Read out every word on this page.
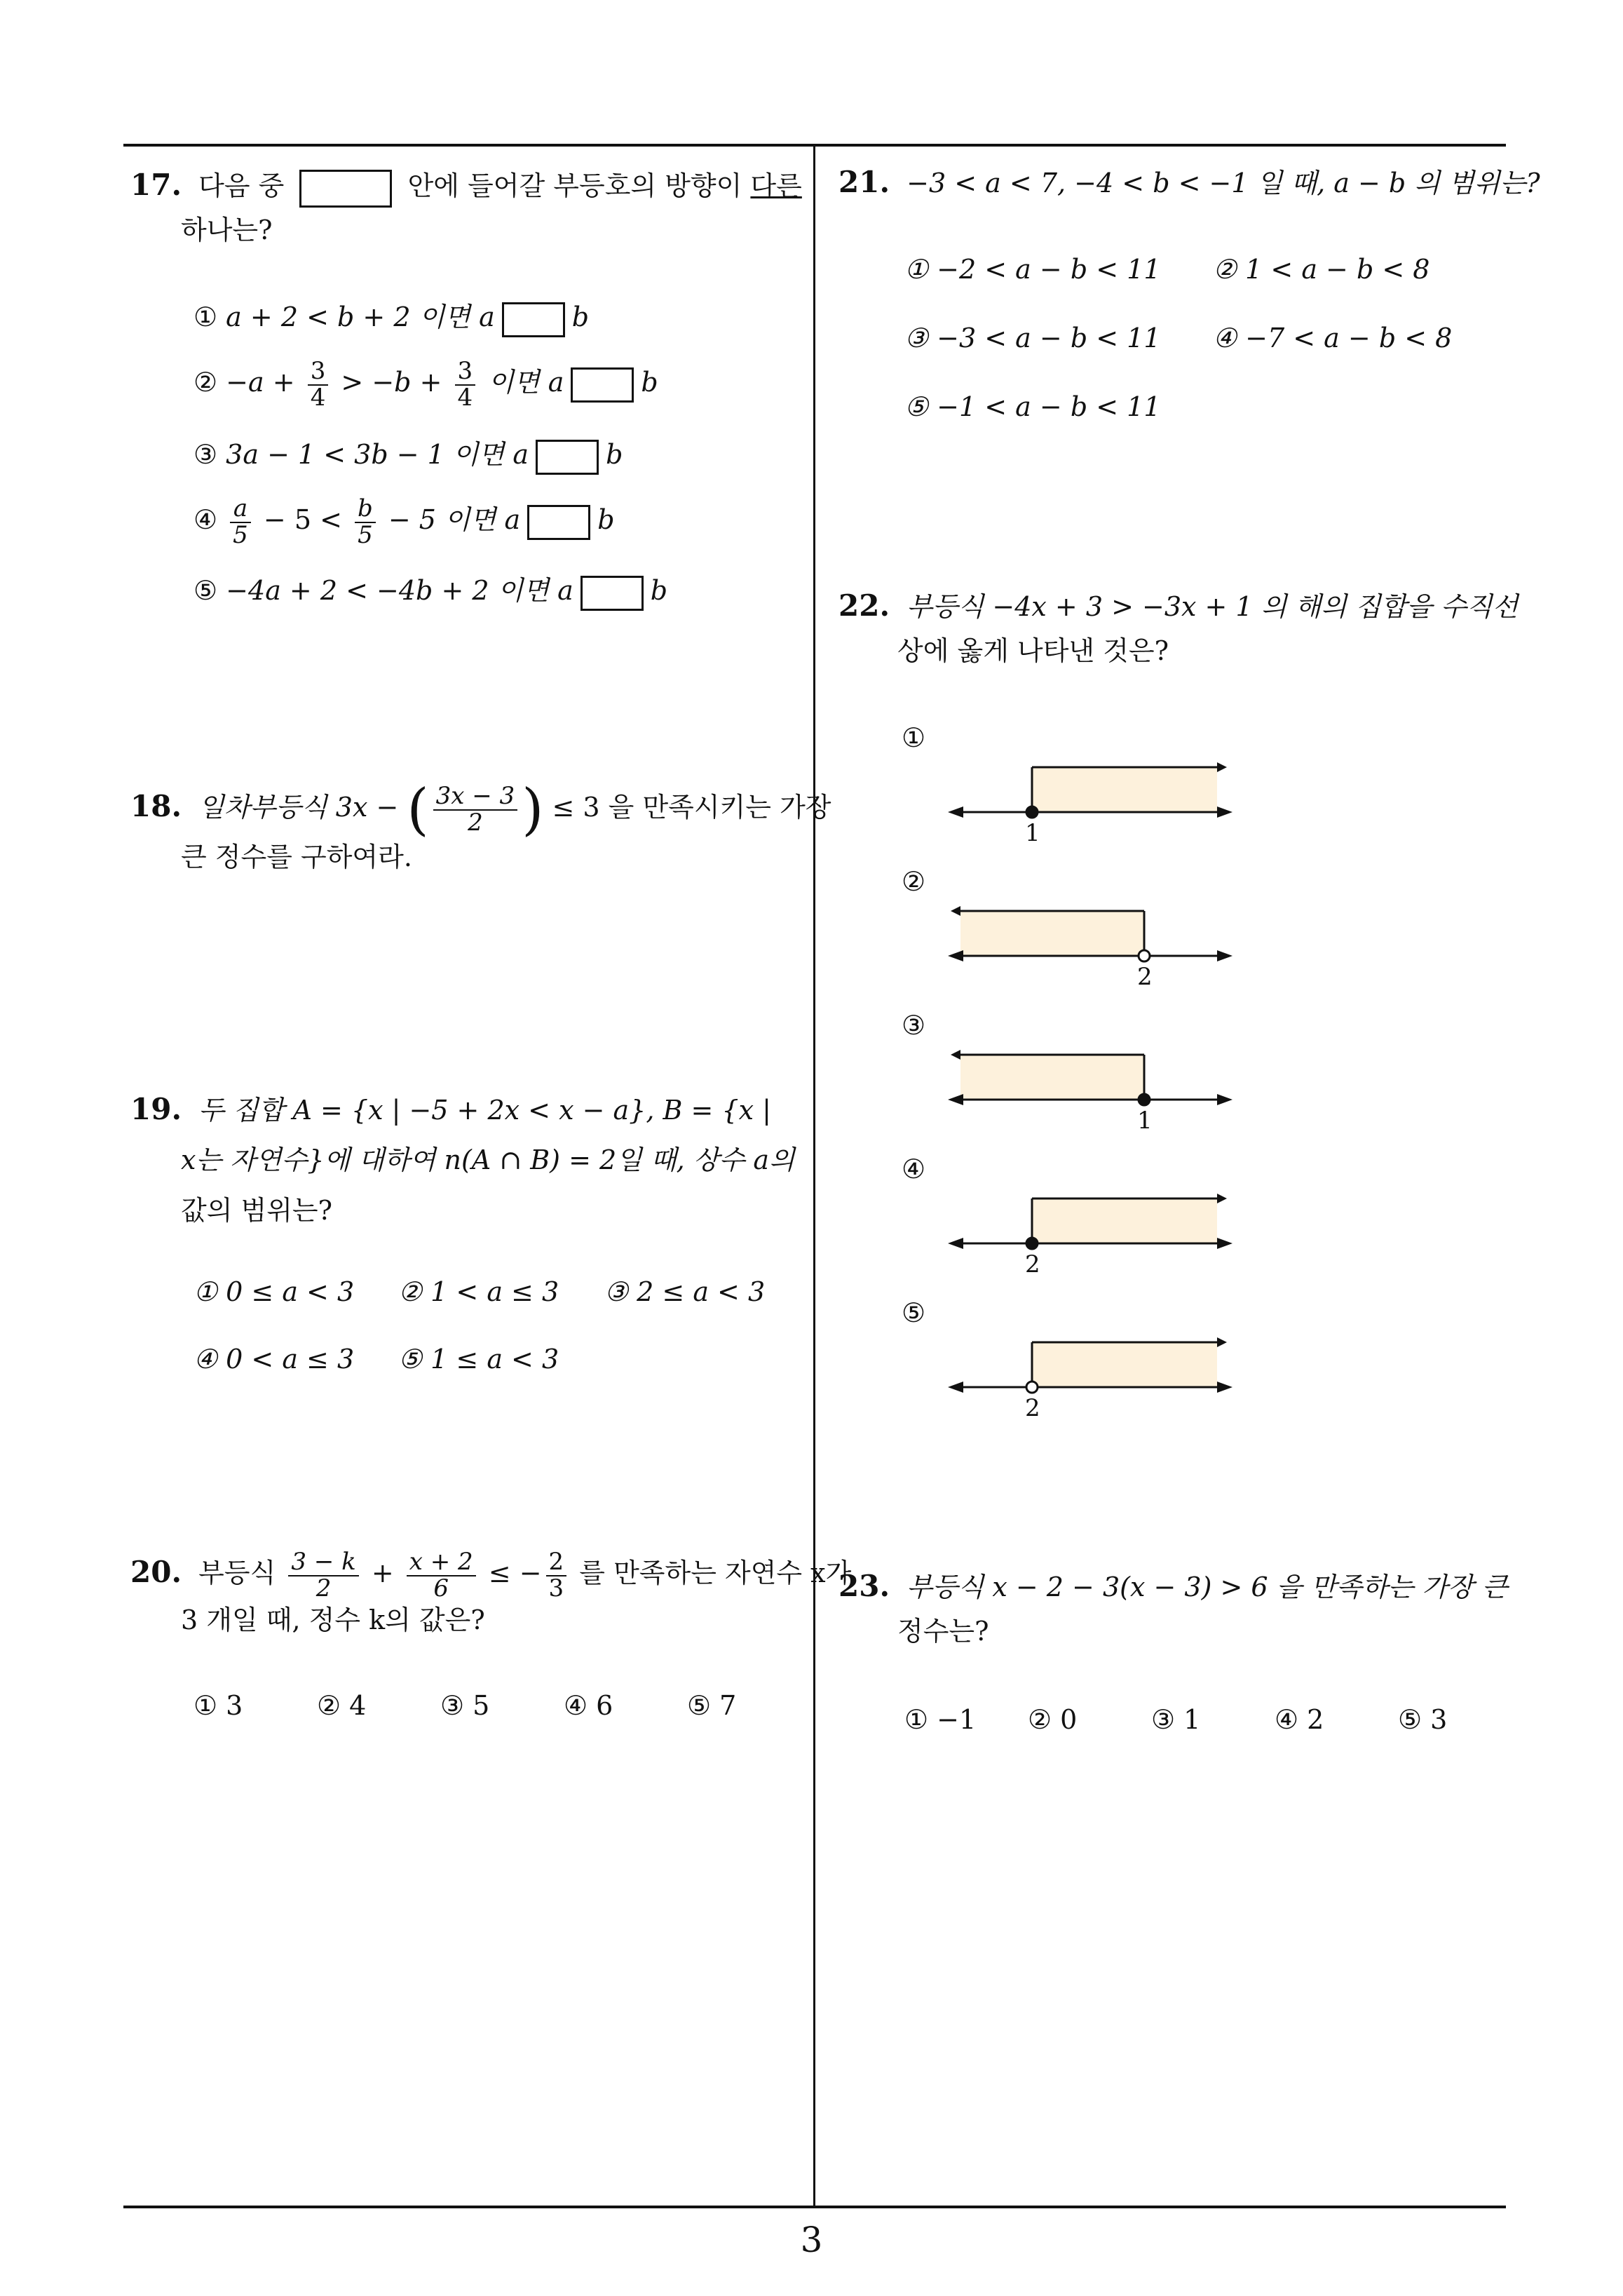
17. 다음 중	안에 들어갈 부등호의 방향이 다른
하나는?
① a + 2 < b + 2 이면 a	b
② $-a + \frac{3}{4} > -b + \frac{3}{4}$ 이면 a	b
③ 3a − 1 < 3b − 1 이면 a	b
④ $\frac{a}{5} - 5 < \frac{b}{5} - 5$ 이면 a	b
⑤ −4a + 2 < −4b + 2 이면 a	b
18. 일차부등식 3x − ( $\frac{3x - 3}{2}$ ) ≤ 3 을 만족시키는 가장
큰 정수를 구하여라.
19. 두 집합 A = {x | −5 + 2x < x − a}, B = {x |
x는 자연수}에 대하여 n(A ∩ B) = 2일 때, 상수 a의
값의 범위는?
① 0 ≤ a < 3 ② 1 < a ≤ 3 ③ 2 ≤ a < 3
④ 0 < a ≤ 3 ⑤ 1 ≤ a < 3
20. 부등식 $\frac{3 - k}{2} + \frac{x + 2}{6}$ ≤ − $\frac{2}{3}$ 를 만족하는 자연수 x가
3 개일 때, 정수 k의 값은?
① 3	② 4	③ 5	④ 6	⑤ 7
21. −3 < a < 7, −4 < b < −1 일 때, a − b 의 범위는?
① −2 < a − b < 11 ② 1 < a − b < 8
③ −3 < a − b < 11 ④ −7 < a − b < 8
⑤ −1 < a − b < 11
22. 부등식 −4x + 3 > −3x + 1 의 해의 집합을 수직선
상에 옳게 나타낸 것은?
①
1
②
2
③
1
④
2
⑤
2
23. 부등식 x − 2 − 3(x − 3) > 6 을 만족하는 가장 큰
정수는?
① −1 ② 0	③ 1	④ 2	⑤ 3
3
